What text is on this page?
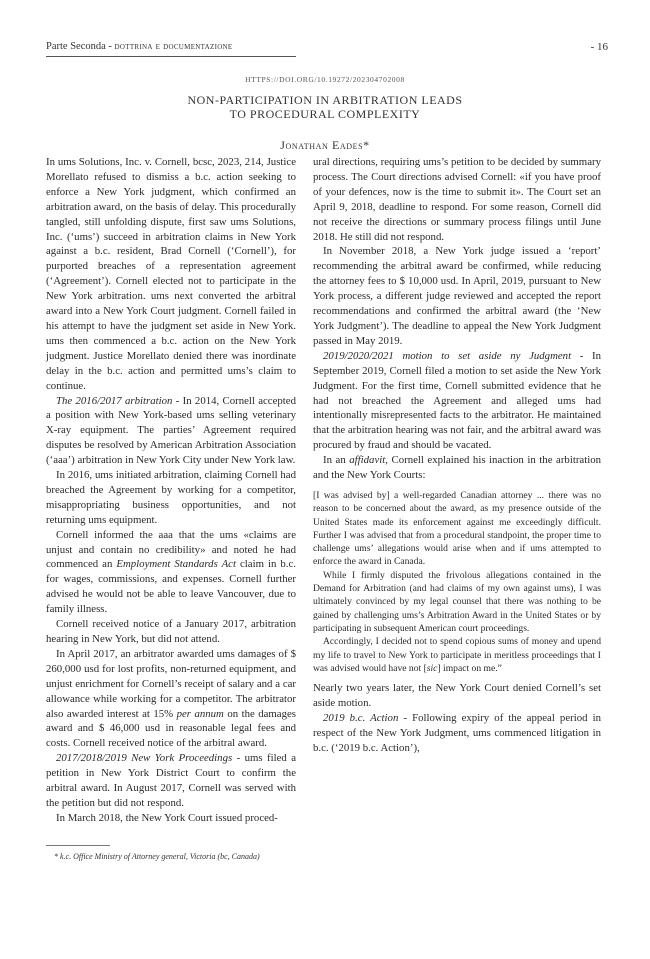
Parte Seconda - dottrina e documentazione	- 16
HTTPS://DOI.ORG/10.19272/202304702008
NON-PARTICIPATION IN ARBITRATION LEADS
TO PROCEDURAL COMPLEXITY
Jonathan Eades*

In ums Solutions, Inc. v. Cornell, bcsc, 2023, 214, Justice Morellato refused to dismiss a b.c. action seeking to enforce a New York judgment, which confirmed an arbitration award, on the basis of delay. This procedurally tangled, still unfolding dispute, first saw ums Solutions, Inc. (‘ums’) succeed in arbitration claims in New York against a b.c. resident, Brad Cornell (‘Cornell’), for purported breaches of a representation agreement (‘Agreement’). Cornell elected not to participate in the New York arbitration. ums next converted the arbitral award into a New York Court judgment. Cornell failed in his attempt to have the judgment set aside in New York. ums then commenced a b.c. action on the New York judgment. Justice Morellato denied there was inordinate delay in the b.c. action and permitted ums’s claim to continue.

The 2016/2017 arbitration - In 2014, Cornell accepted a position with New York-based ums selling veterinary X-ray equipment. The parties’ Agreement required disputes be resolved by American Arbitration Association (‘aaa’) arbitration in New York City under New York law.

In 2016, ums initiated arbitration, claiming Cornell had breached the Agreement by working for a competitor, misappropriating business opportunities, and not returning ums equipment.

Cornell informed the aaa that the ums «claims are unjust and contain no credibility» and noted he had commenced an Employment Standards Act claim in b.c. for wages, commissions, and expenses. Cornell further advised he would not be able to leave Vancouver, due to family illness.

Cornell received notice of a January 2017, arbitration hearing in New York, but did not attend.

In April 2017, an arbitrator awarded ums damages of $ 260,000 usd for lost profits, non-returned equipment, and unjust enrichment for Cornell’s receipt of salary and a car allowance while working for a competitor. The arbitrator also awarded interest at 15% per annum on the damages award and $ 46,000 usd in reasonable legal fees and costs. Cornell received notice of the arbitral award.

2017/2018/2019 New York Proceedings - ums filed a petition in New York District Court to confirm the arbitral award. In August 2017, Cornell was served with the petition but did not respond.

In March 2018, the New York Court issued proced-

ural directions, requiring ums’s petition to be decided by summary process. The Court directions advised Cornell: «if you have proof of your defences, now is the time to submit it». The Court set an April 9, 2018, deadline to respond. For some reason, Cornell did not receive the directions or summary process filings until June 2018. He still did not respond.

In November 2018, a New York judge issued a ‘report’ recommending the arbitral award be confirmed, while reducing the attorney fees to $ 10,000 usd. In April, 2019, pursuant to New York process, a different judge reviewed and accepted the report recommendations and confirmed the arbitral award (the ‘New York Judgment’). The deadline to appeal the New York Judgment passed in May 2019.

2019/2020/2021 motion to set aside ny Judgment - In September 2019, Cornell filed a motion to set aside the New York Judgment. For the first time, Cornell submitted evidence that he had not breached the Agreement and alleged ums had intentionally misrepresented facts to the arbitrator. He maintained that the arbitration hearing was not fair, and the arbitral award was procured by fraud and should be vacated.

In an affidavit, Cornell explained his inaction in the arbitration and the New York Courts:

[I was advised by] a well-regarded Canadian attorney ... there was no reason to be concerned about the award, as my presence outside of the United States made its enforcement against me exceedingly difficult. Further I was advised that from a procedural standpoint, the proper time to challenge ums’ allegations would arise when and if ums attempted to enforce the award in Canada.

While I firmly disputed the frivolous allegations contained in the Demand for Arbitration (and had claims of my own against ums), I was ultimately convinced by my legal counsel that there was nothing to be gained by challenging ums’s Arbitration Award in the United States or by participating in subsequent American court proceedings.

Accordingly, I decided not to spend copious sums of money and upend my life to travel to New York to participate in meritless proceedings that I was advised would have not [sic] impact on me.”

Nearly two years later, the New York Court denied Cornell’s set aside motion.

2019 b.c. Action - Following expiry of the appeal period in respect of the New York Judgment, ums commenced litigation in b.c. (‘2019 b.c. Action’),

* k.c. Office Ministry of Attorney general, Victoria (bc, Canada)
